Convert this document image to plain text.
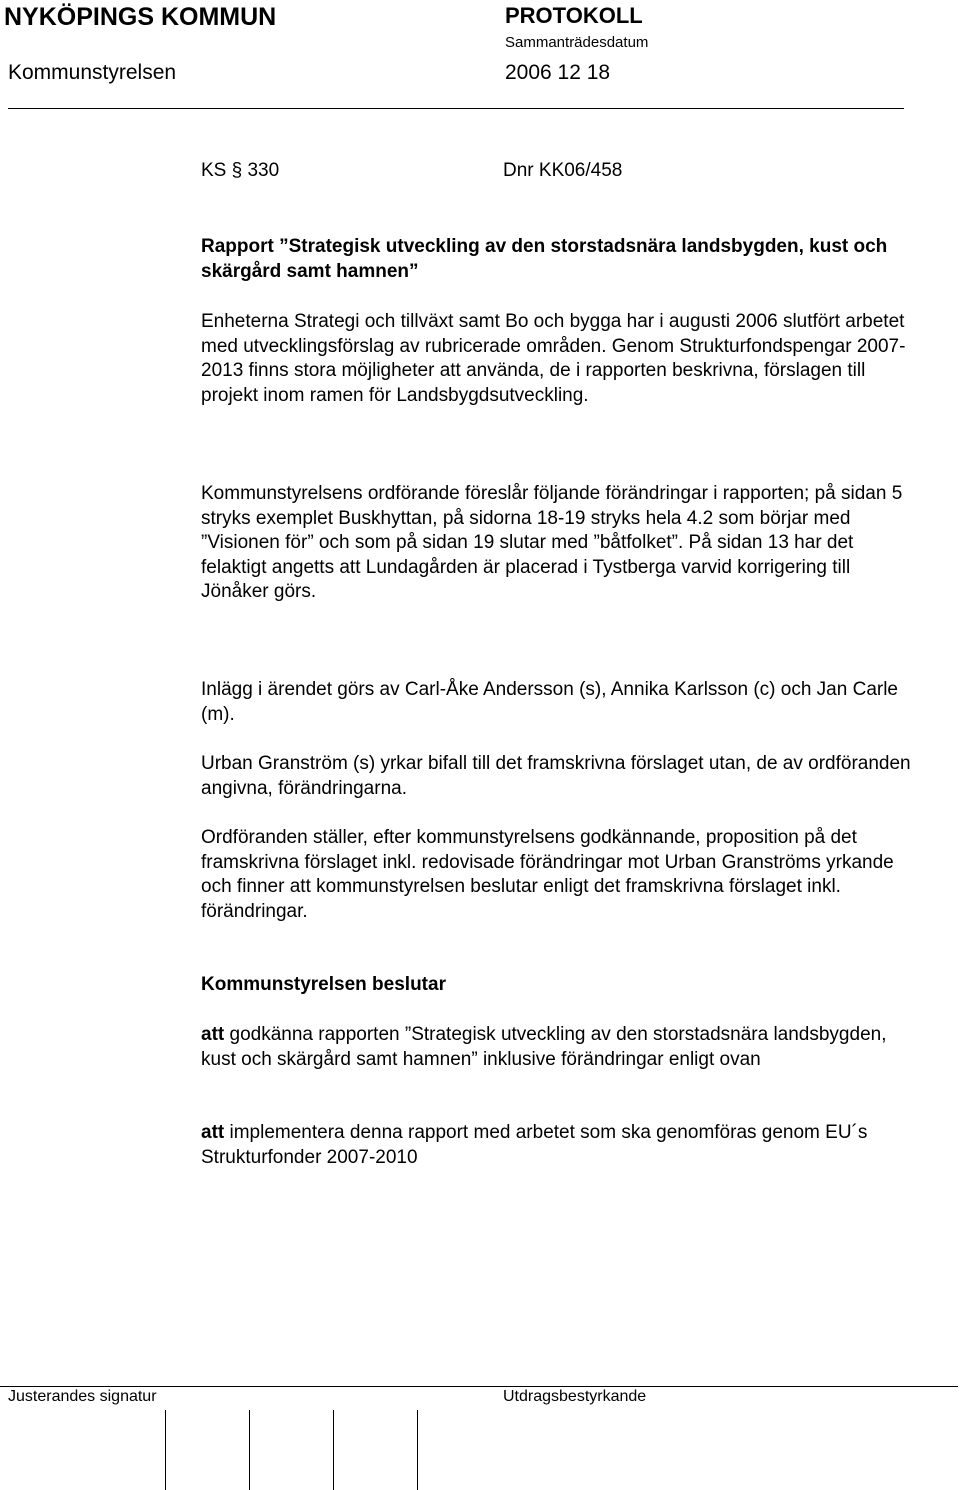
NYKÖPINGS KOMMUN
Kommunstyrelsen
PROTOKOLL
Sammanträdesdatum
2006 12 18
KS § 330	Dnr KK06/458

Rapport ”Strategisk utveckling av den storstadsnära landsbygden, kust och skärgård samt hamnen”

Enheterna Strategi och tillväxt samt Bo och bygga har i augusti 2006 slutfört arbetet med utvecklingsförslag av rubricerade områden. Genom Strukturfondspengar 2007-2013 finns stora möjligheter att använda, de i rapporten beskrivna, förslagen till projekt inom ramen för Landsbygdsutveckling.

Kommunstyrelsens ordförande föreslår följande förändringar i rapporten; på sidan 5 stryks exemplet Buskhyttan, på sidorna 18-19 stryks hela 4.2 som börjar med ”Visionen för” och som på sidan 19 slutar med ”båtfolket”. På sidan 13 har det felaktigt angetts att Lundagården är placerad i Tystberga varvid korrigering till Jönåker görs.

Inlägg i ärendet görs av Carl-Åke Andersson (s), Annika Karlsson (c) och Jan Carle (m).

Urban Granström (s) yrkar bifall till det framskrivna förslaget utan, de av ordföranden angivna, förändringarna.

Ordföranden ställer, efter kommunstyrelsens godkännande, proposition på det framskrivna förslaget inkl. redovisade förändringar mot Urban Granströms yrkande och finner att kommunstyrelsen beslutar enligt det framskrivna förslaget inkl. förändringar.

Kommunstyrelsen beslutar

att godkänna rapporten ”Strategisk utveckling av den storstadsnära landsbygden, kust och skärgård samt hamnen” inklusive förändringar enligt ovan

att implementera denna rapport med arbetet som ska genomföras genom EU´s Strukturfonder 2007-2010

Justerandes signatur	Utdragsbestyrkande
